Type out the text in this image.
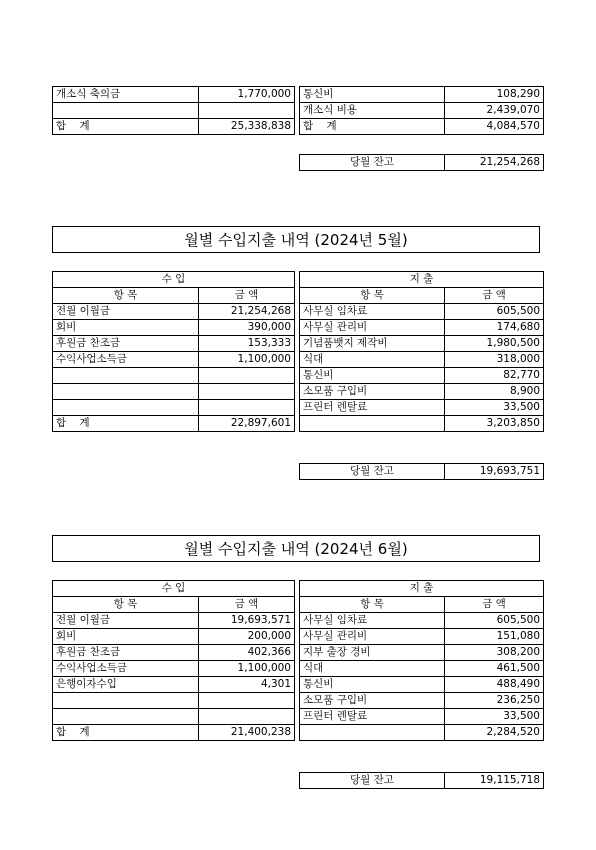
개소식 축의금	1,770,000		통신비	108,290
			개소식 비용	2,439,070
합    계	25,338,838		합    계	4,084,570
당월 잔고	21,254,268
월별 수입지출 내역 (2024년 5월)
수 입			지 출	
항 목	금 액		항 목	금 액
전월 이월금	21,254,268		사무실 임차료	605,500
회비	390,000		사무실 관리비	174,680
후원금 찬조금	153,333		기념품뱃지 제작비	1,980,500
수익사업소득금	1,100,000		식대	318,000
			통신비	82,770
			소모품 구입비	8,900
			프린터 렌탈료	33,500
합    계	22,897,601			3,203,850
당월 잔고	19,693,751
월별 수입지출 내역 (2024년 6월)
수 입			지 출	
항 목	금 액		항 목	금 액
전월 이월금	19,693,571		사무실 임차료	605,500
회비	200,000		사무실 관리비	151,080
후원금 찬조금	402,366		지부 출장 경비	308,200
수익사업소득금	1,100,000		식대	461,500
은행이자수입	4,301		통신비	488,490
			소모품 구입비	236,250
			프린터 렌탈료	33,500
합    계	21,400,238			2,284,520
당월 잔고	19,115,718
